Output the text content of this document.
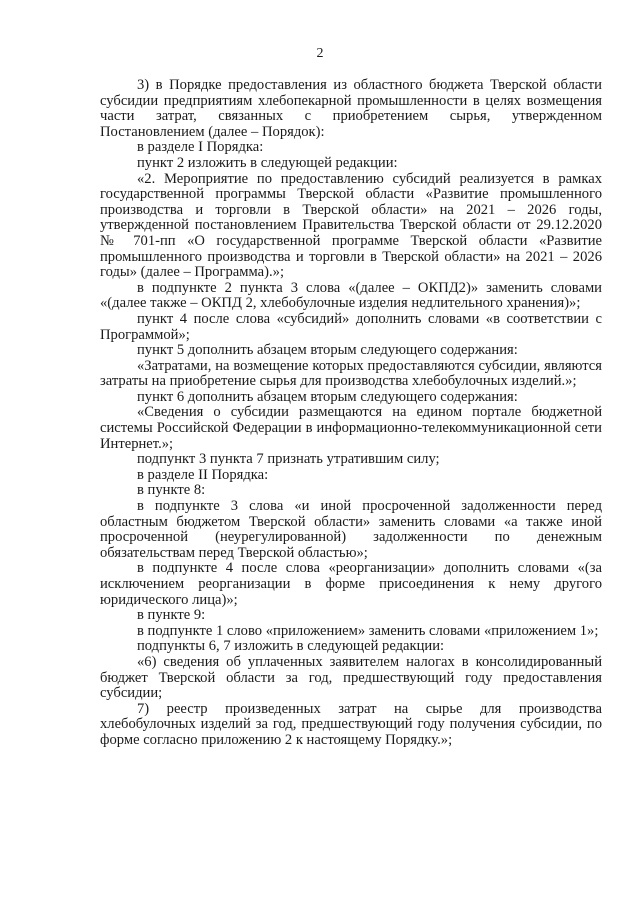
2

3) в Порядке предоставления из областного бюджета Тверской области субсидии предприятиям хлебопекарной промышленности в целях возмещения части затрат, связанных с приобретением сырья, утвержденном Постановлением (далее – Порядок):

в разделе I Порядка:

пункт 2 изложить в следующей редакции:

«2. Мероприятие по предоставлению субсидий реализуется в рамках государственной программы Тверской области «Развитие промышленного производства и торговли в Тверской области» на 2021 – 2026 годы, утвержденной постановлением Правительства Тверской области от 29.12.2020 № 701-пп «О государственной программе Тверской области «Развитие промышленного производства и торговли в Тверской области» на 2021 – 2026 годы» (далее – Программа).»;

в подпункте 2 пункта 3 слова «(далее – ОКПД2)» заменить словами «(далее также – ОКПД 2, хлебобулочные изделия недлительного хранения)»;

пункт 4 после слова «субсидий» дополнить словами «в соответствии с Программой»;

пункт 5 дополнить абзацем вторым следующего содержания:

«Затратами, на возмещение которых предоставляются субсидии, являются затраты на приобретение сырья для производства хлебобулочных изделий.»;

пункт 6 дополнить абзацем вторым следующего содержания:

«Сведения о субсидии размещаются на едином портале бюджетной системы Российской Федерации в информационно-телекоммуникационной сети Интернет.»;

подпункт 3 пункта 7 признать утратившим силу;

в разделе II Порядка:

в пункте 8:

в подпункте 3 слова «и иной просроченной задолженности перед областным бюджетом Тверской области» заменить словами «а также иной просроченной (неурегулированной) задолженности по денежным обязательствам перед Тверской областью»;

в подпункте 4 после слова «реорганизации» дополнить словами «(за исключением реорганизации в форме присоединения к нему другого юридического лица)»;

в пункте 9:

в подпункте 1 слово «приложением» заменить словами «приложением 1»;

подпункты 6, 7 изложить в следующей редакции:

«6) сведения об уплаченных заявителем налогах в консолидированный бюджет Тверской области за год, предшествующий году предоставления субсидии;

7) реестр произведенных затрат на сырье для производства хлебобулочных изделий за год, предшествующий году получения субсидии, по форме согласно приложению 2 к настоящему Порядку.»;
